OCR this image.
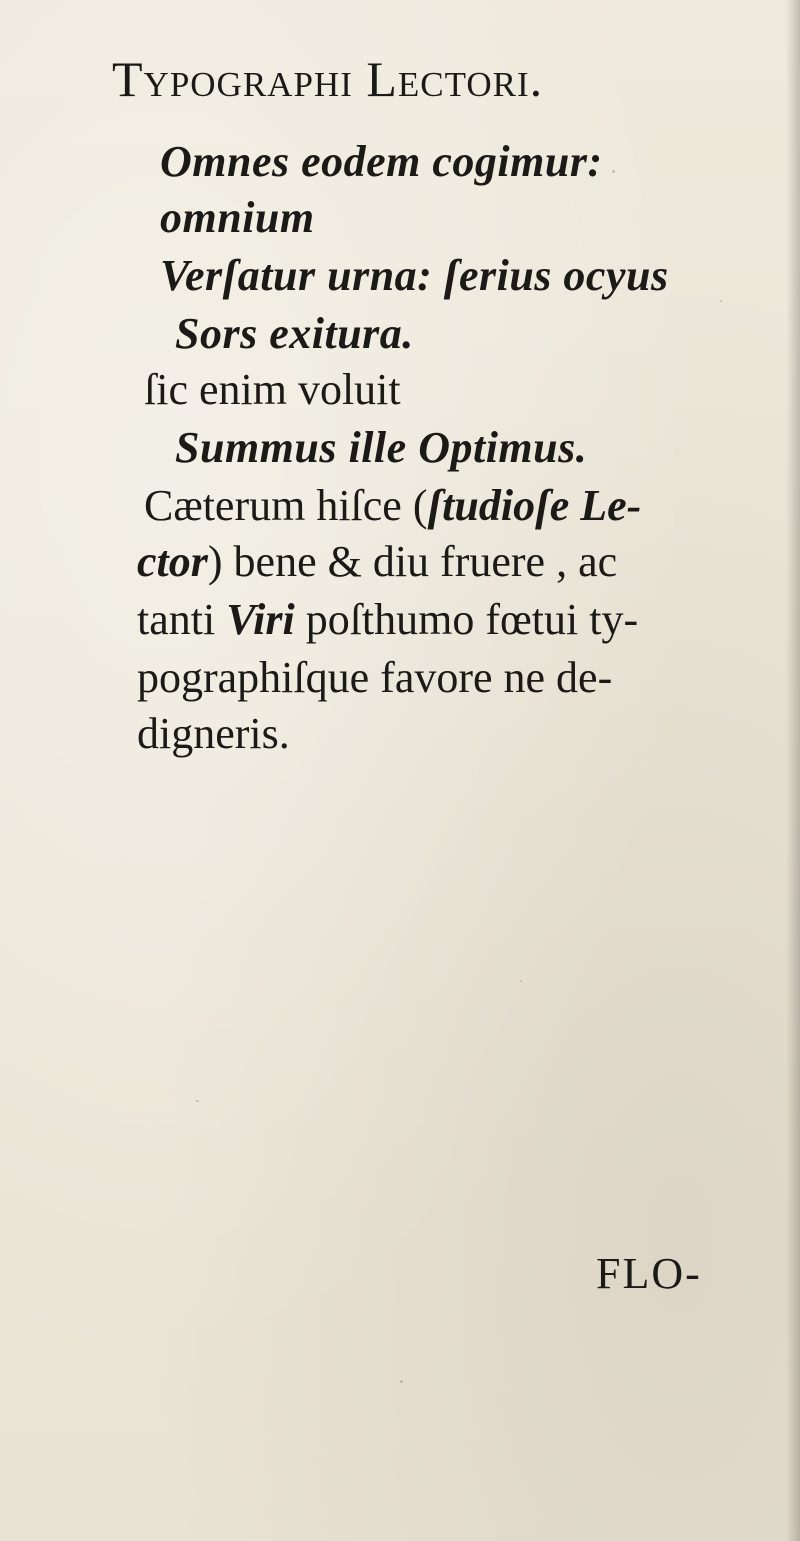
Typographi Lectori.
Omnes eodem cogimur:
omnium
Verſatur urna: ſerius ocyus
Sors exitura.
ſic enim voluit
Summus ille Optimus.
Cæterum hiſce (ſtudioſe Le-
ctor) bene & diu fruere , ac
tanti Viri poſthumo fœtui ty-
pographiſque favore ne de-
digneris.
FLO-
